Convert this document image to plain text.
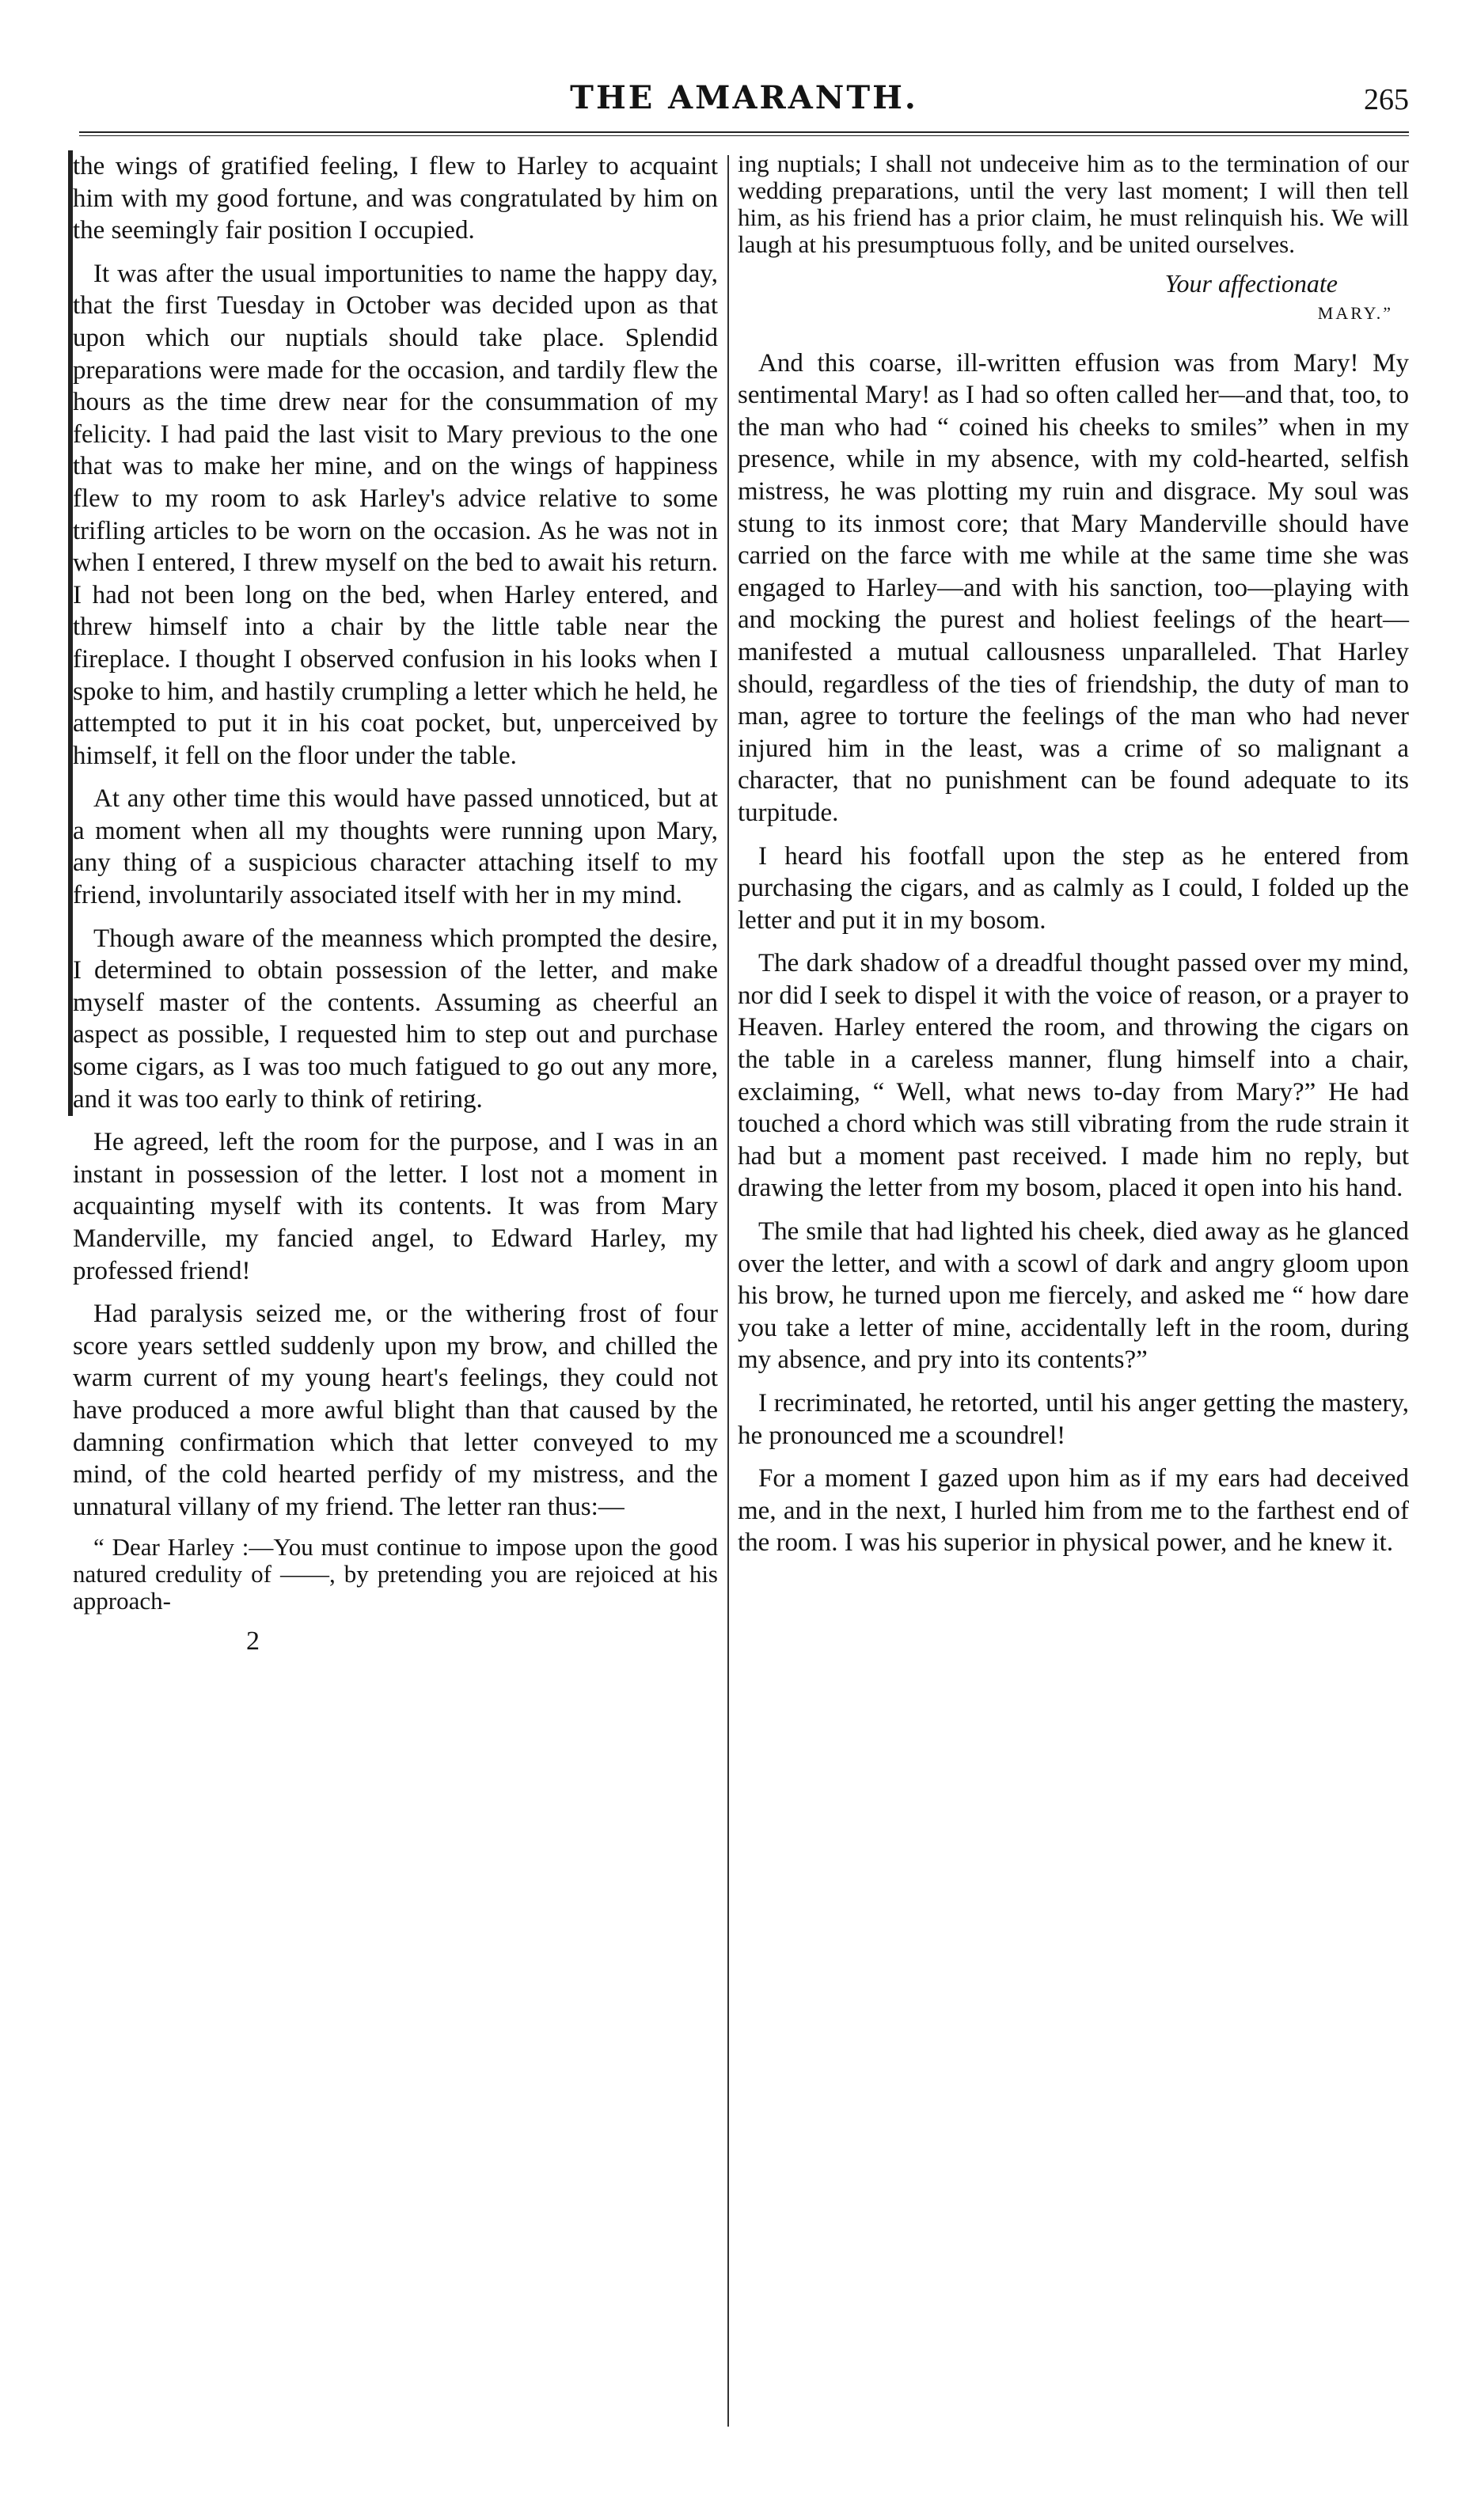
THE AMARANTH.	265

the wings of gratified feeling, I flew to Harley to acquaint him with my good fortune, and was congratulated by him on the seemingly fair position I occupied.

It was after the usual importunities to name the happy day, that the first Tuesday in October was decided upon as that upon which our nuptials should take place. Splendid preparations were made for the occasion, and tardily flew the hours as the time drew near for the consummation of my felicity. I had paid the last visit to Mary previous to the one that was to make her mine, and on the wings of happiness flew to my room to ask Harley's advice relative to some trifling articles to be worn on the occasion. As he was not in when I entered, I threw myself on the bed to await his return. I had not been long on the bed, when Harley entered, and threw himself into a chair by the little table near the fireplace. I thought I observed confusion in his looks when I spoke to him, and hastily crumpling a letter which he held, he attempted to put it in his coat pocket, but, unperceived by himself, it fell on the floor under the table.

At any other time this would have passed unnoticed, but at a moment when all my thoughts were running upon Mary, any thing of a suspicious character attaching itself to my friend, involuntarily associated itself with her in my mind.

Though aware of the meanness which prompted the desire, I determined to obtain possession of the letter, and make myself master of the contents. Assuming as cheerful an aspect as possible, I requested him to step out and purchase some cigars, as I was too much fatigued to go out any more, and it was too early to think of retiring.

He agreed, left the room for the purpose, and I was in an instant in possession of the letter. I lost not a moment in acquainting myself with its contents. It was from Mary Manderville, my fancied angel, to Edward Harley, my professed friend!

Had paralysis seized me, or the withering frost of four score years settled suddenly upon my brow, and chilled the warm current of my young heart's feelings, they could not have produced a more awful blight than that caused by the damning confirmation which that letter conveyed to my mind, of the cold hearted perfidy of my mistress, and the unnatural villany of my friend. The letter ran thus:—

“ Dear Harley :—You must continue to impose upon the good natured credulity of ——, by pretending you are rejoiced at his approach-

2

ing nuptials; I shall not undeceive him as to the termination of our wedding preparations, until the very last moment; I will then tell him, as his friend has a prior claim, he must relinquish his. We will laugh at his presumptuous folly, and be united ourselves.

Your affectionate

MARY.”

And this coarse, ill-written effusion was from Mary! My sentimental Mary! as I had so often called her—and that, too, to the man who had “ coined his cheeks to smiles” when in my presence, while in my absence, with my cold-hearted, selfish mistress, he was plotting my ruin and disgrace. My soul was stung to its inmost core; that Mary Manderville should have carried on the farce with me while at the same time she was engaged to Harley—and with his sanction, too—playing with and mocking the purest and holiest feelings of the heart—manifested a mutual callousness unparalleled. That Harley should, regardless of the ties of friendship, the duty of man to man, agree to torture the feelings of the man who had never injured him in the least, was a crime of so malignant a character, that no punishment can be found adequate to its turpitude.

I heard his footfall upon the step as he entered from purchasing the cigars, and as calmly as I could, I folded up the letter and put it in my bosom.

The dark shadow of a dreadful thought passed over my mind, nor did I seek to dispel it with the voice of reason, or a prayer to Heaven. Harley entered the room, and throwing the cigars on the table in a careless manner, flung himself into a chair, exclaiming, “ Well, what news to-day from Mary?” He had touched a chord which was still vibrating from the rude strain it had but a moment past received. I made him no reply, but drawing the letter from my bosom, placed it open into his hand.

The smile that had lighted his cheek, died away as he glanced over the letter, and with a scowl of dark and angry gloom upon his brow, he turned upon me fiercely, and asked me “ how dare you take a letter of mine, accidentally left in the room, during my absence, and pry into its contents?”

I recriminated, he retorted, until his anger getting the mastery, he pronounced me a scoundrel!

For a moment I gazed upon him as if my ears had deceived me, and in the next, I hurled him from me to the farthest end of the room. I was his superior in physical power, and he knew it.
